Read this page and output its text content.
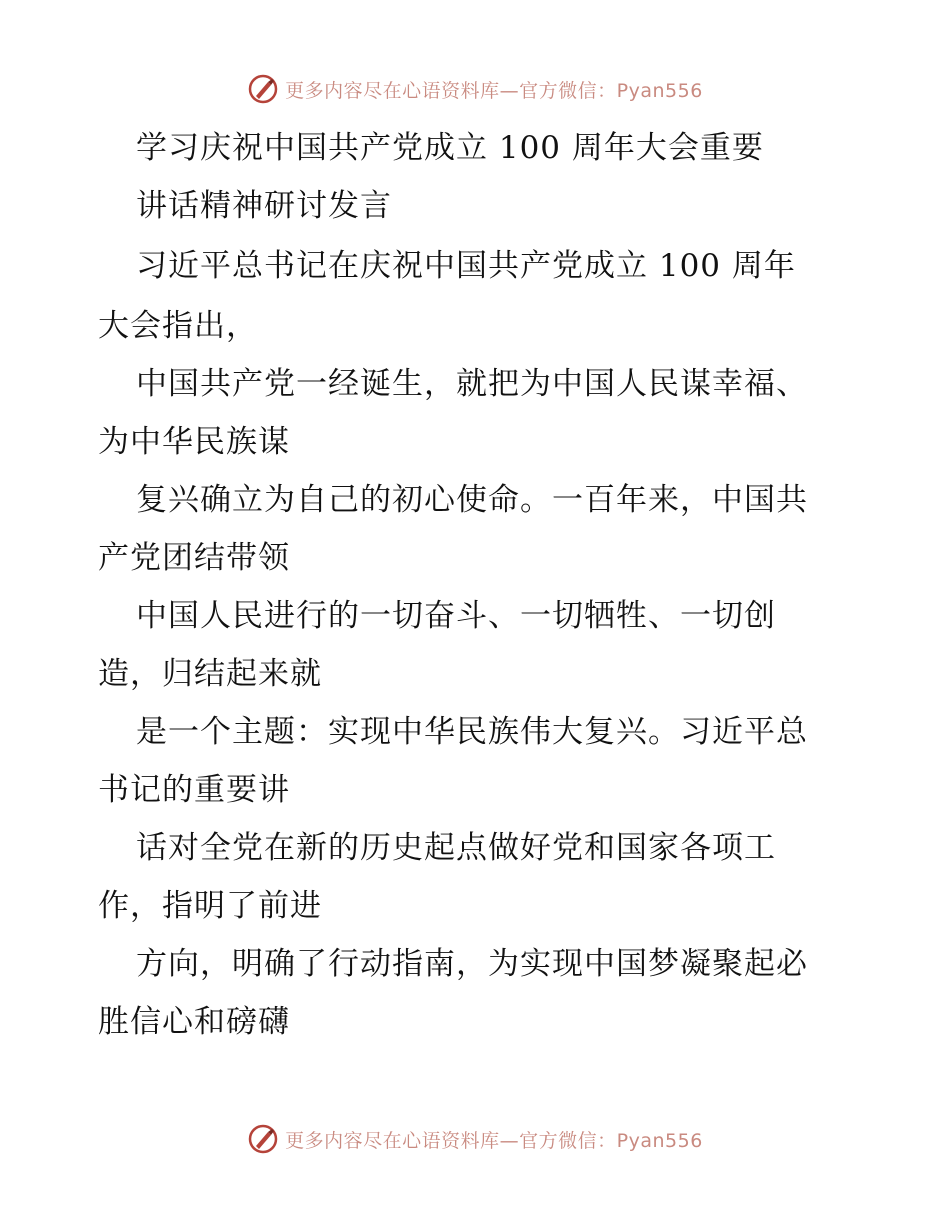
更多内容尽在心语资料库—官方微信：Pyan556
学习庆祝中国共产党成立 100 周年大会重要
讲话精神研讨发言
习近平总书记在庆祝中国共产党成立 100 周年
大会指出，
中国共产党一经诞生，就把为中国人民谋幸福、
为中华民族谋
复兴确立为自己的初心使命。一百年来，中国共
产党团结带领
中国人民进行的一切奋斗、一切牺牲、一切创
造，归结起来就
是一个主题：实现中华民族伟大复兴。习近平总
书记的重要讲
话对全党在新的历史起点做好党和国家各项工
作，指明了前进
方向，明确了行动指南，为实现中国梦凝聚起必
胜信心和磅礴
更多内容尽在心语资料库—官方微信：Pyan556
